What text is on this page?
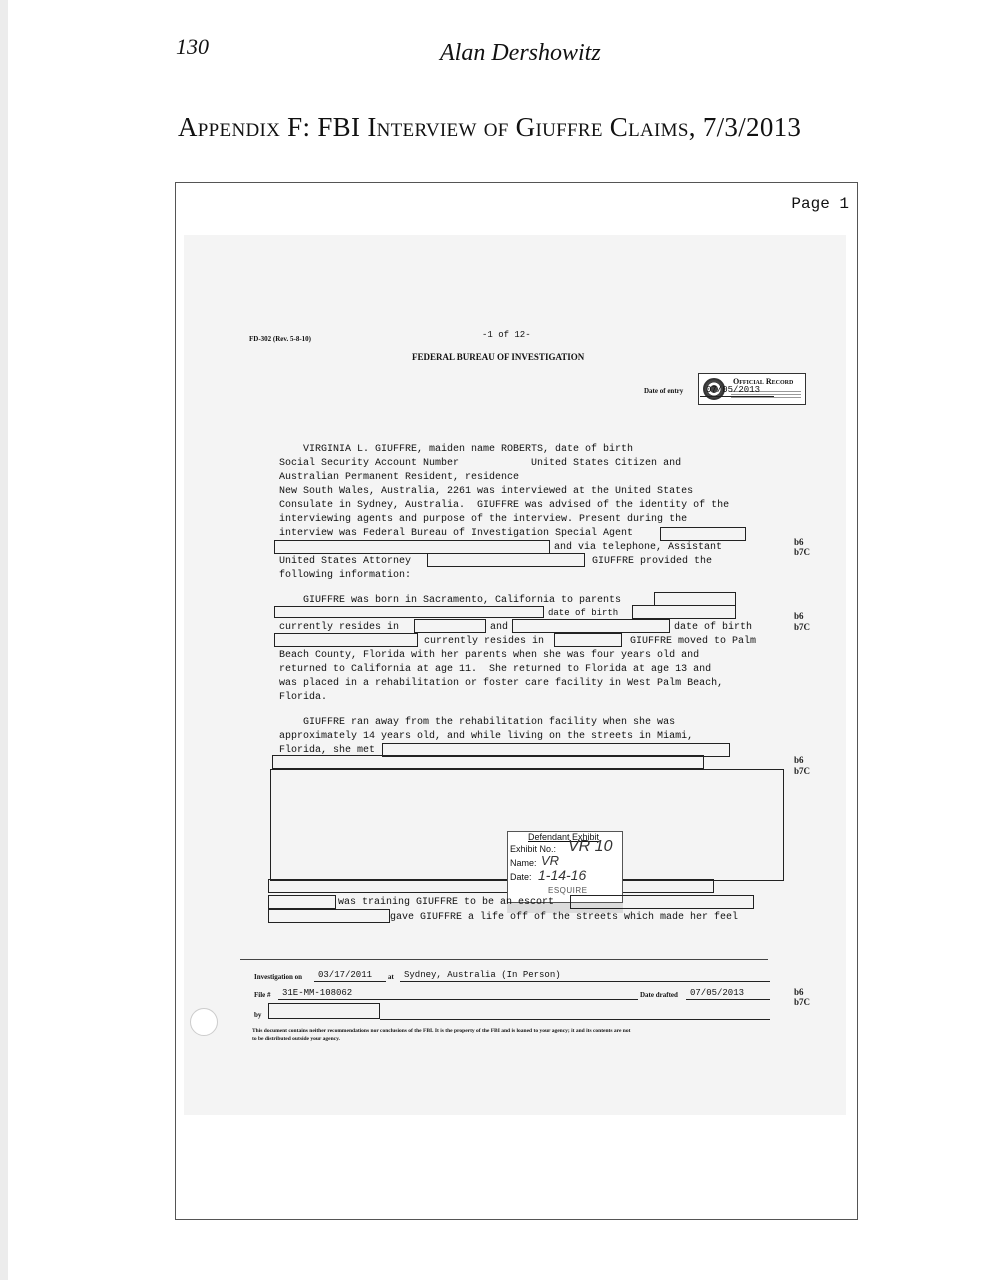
130	Alan Dershowitz
Appendix F: FBI Interview of Giuffre Claims, 7/3/2013
Page 1
FD-302 (Rev. 5-8-10)	-1 of 12-
FEDERAL BUREAU OF INVESTIGATION
Official Record
Date of entry	07/05/2013
VIRGINIA L. GIUFFRE, maiden name ROBERTS, date of birth
Social Security Account Number            United States Citizen and
Australian Permanent Resident, residence
New South Wales, Australia, 2261 was interviewed at the United States
Consulate in Sydney, Australia.  GIUFFRE was advised of the identity of the
interviewing agents and purpose of the interview. Present during the
interview was Federal Bureau of Investigation Special Agent
and via telephone, Assistant
United States Attorney	GIUFFRE provided the
following information:
b6
b7C
GIUFFRE was born in Sacramento, California to parents
date of birth
currently resides in	and	date of birth
currently resides in	GIUFFRE moved to Palm
Beach County, Florida with her parents when she was four years old and
returned to California at age 11.  She returned to Florida at age 13 and
was placed in a rehabilitation or foster care facility in West Palm Beach,
Florida.
b6
b7C
GIUFFRE ran away from the rehabilitation facility when she was
approximately 14 years old, and while living on the streets in Miami,
Florida, she met
b6
b7C
Defendant Exhibit
Exhibit No.: VR 10
Name: VR
Date: 1-14-16
ESQUIRE
was training GIUFFRE to be an escort
gave GIUFFRE a life off of the streets which made her feel
Investigation on 03/17/2011 at Sydney, Australia (In Person)
File # 31E-MM-108062	Date drafted 07/05/2013	b6
b7C
by
This document contains neither recommendations nor conclusions of the FBI. It is the property of the FBI and is loaned to your agency; it and its contents are not
to be distributed outside your agency.
